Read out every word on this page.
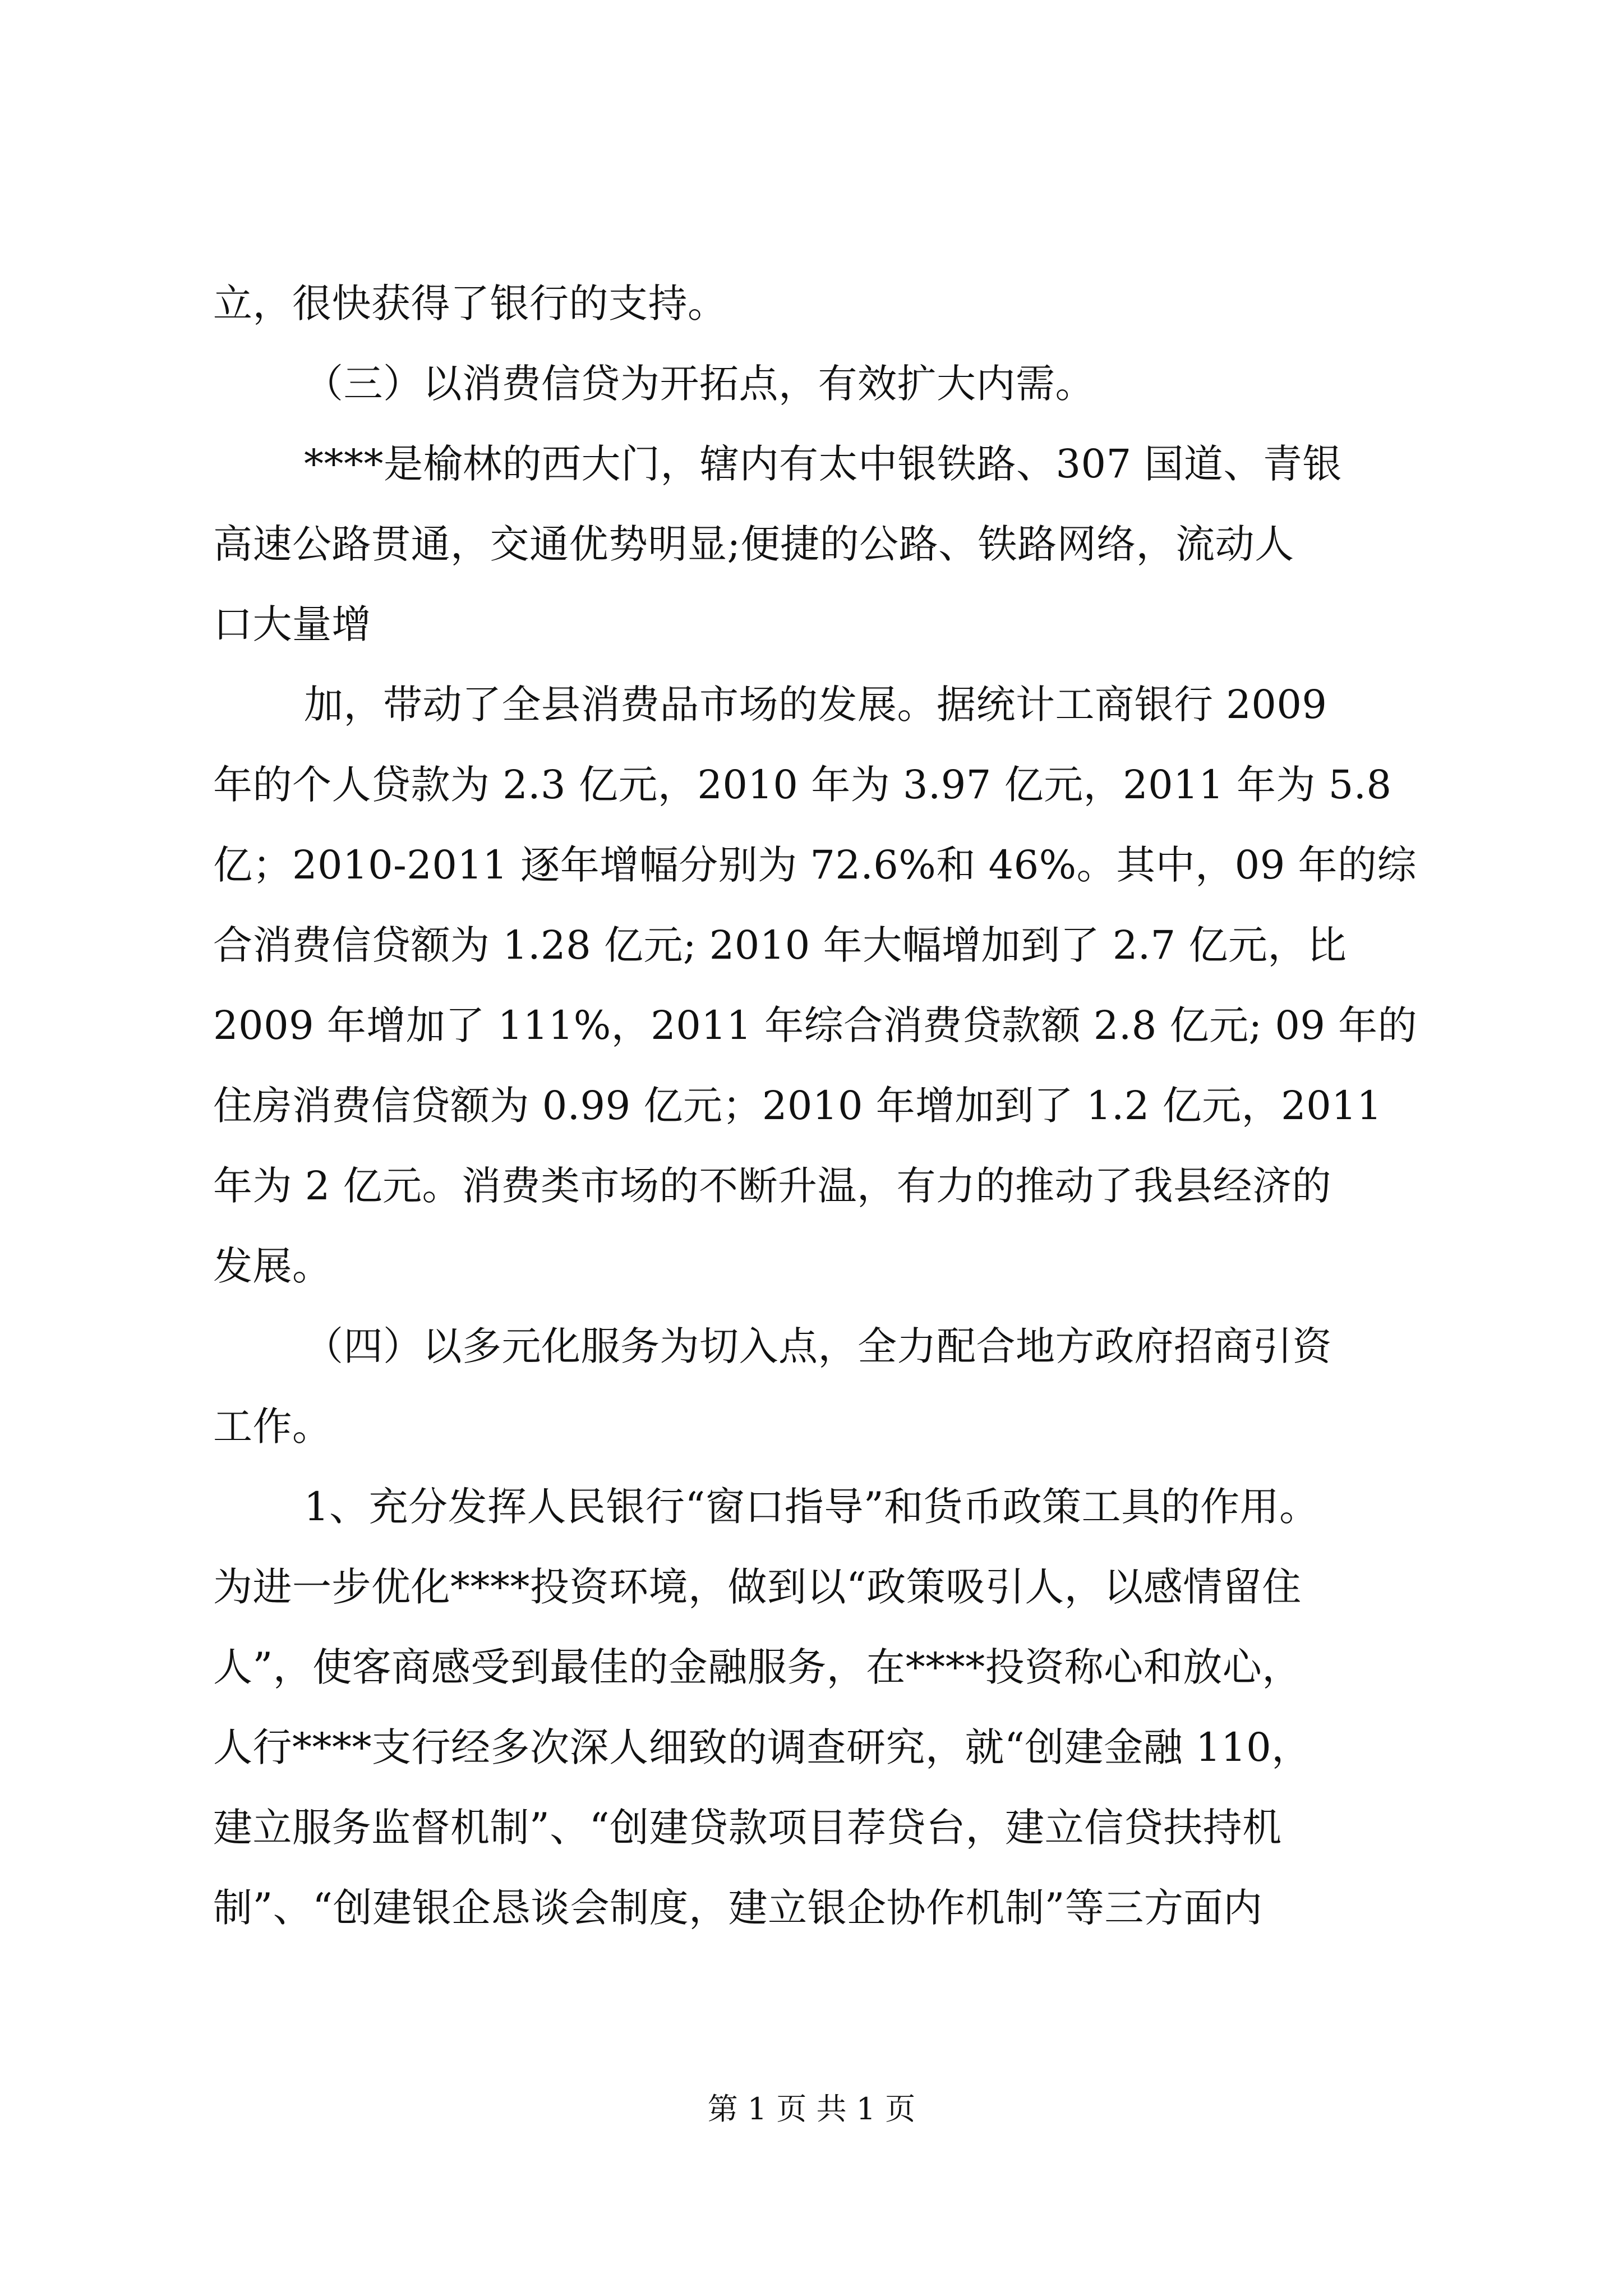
立，很快获得了银行的支持。
（三）以消费信贷为开拓点，有效扩大内需。
****是榆林的西大门，辖内有太中银铁路、307 国道、青银
高速公路贯通，交通优势明显;便捷的公路、铁路网络，流动人
口大量增
加，带动了全县消费品市场的发展。据统计工商银行 2009
年的个人贷款为 2.3 亿元，2010 年为 3.97 亿元，2011 年为 5.8
亿；2010-2011 逐年增幅分别为 72.6%和 46%。其中，09 年的综
合消费信贷额为 1.28 亿元; 2010 年大幅增加到了 2.7 亿元，比
2009 年增加了 111%，2011 年综合消费贷款额 2.8 亿元; 09 年的
住房消费信贷额为 0.99 亿元；2010 年增加到了 1.2 亿元，2011
年为 2 亿元。消费类市场的不断升温，有力的推动了我县经济的
发展。
（四）以多元化服务为切入点，全力配合地方政府招商引资
工作。
1、充分发挥人民银行“窗口指导”和货币政策工具的作用。
为进一步优化****投资环境，做到以“政策吸引人，以感情留住
人”，使客商感受到最佳的金融服务，在****投资称心和放心，
人行****支行经多次深人细致的调查研究，就“创建金融 110，
建立服务监督机制”、“创建贷款项目荐贷台，建立信贷扶持机
制”、“创建银企恳谈会制度，建立银企协作机制”等三方面内
第 1 页 共 1 页
